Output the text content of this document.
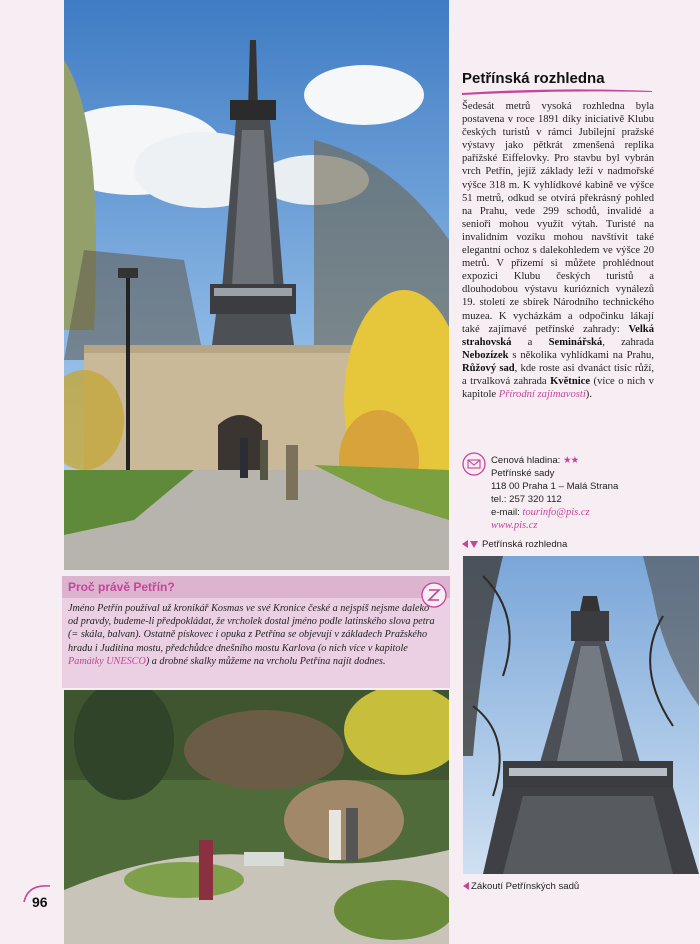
Petřínská rozhledna

Šedesát metrů vysoká rozhledna byla postavena v roce 1891 díky iniciativě Klubu českých turistů v rámci Jubilejní pražské výstavy jako pětkrát zmenšená replika pařížské Eiffelovky. Pro stavbu byl vybrán vrch Petřín, jejíž základy leží v nadmořské výšce 318 m. K vyhlídkové kabině ve výšce 51 metrů, odkud se otvírá překrásný pohled na Prahu, vede 299 schodů, invalidé a senioři mohou využít výtah. Turisté na invalidním vozíku mohou navštívit také elegantní ochoz s dalekohledem ve výšce 20 metrů. V přízemí si můžete prohlédnout expozici Klubu českých turistů a dlouhodobou výstavu kuriózních vynálezů 19. století ze sbírek Národního technického muzea. K vycházkám a odpočinku lákají také zajímavé petřínské zahrady: Velká strahovská a Seminářská, zahrada Nebozízek s několika vyhlídkami na Prahu, Růžový sad, kde roste asi dvanáct tisíc růží, a trvalková zahrada Květnice (více o nich v kapitole Přírodní zajímavosti).

Cenová hladina: ★★
Petřínské sady
118 00 Praha 1 – Malá Strana
tel.: 257 320 112
e-mail: tourinfo@pis.cz
www.pis.cz
Petřínská rozhledna
Zákoutí Petřínských sadů
Proč právě Petřín?

Jméno Petřín používal už kronikář Kosmas ve své Kronice české a nejspíš nejsme daleko od pravdy, budeme-li předpokládat, že vrcholek dostal jméno podle latinského slova petra (= skála, balvan). Ostatně pískovec i opuka z Petřína se objevují v základech Pražského hradu i Juditina mostu, předchůdce dnešního mostu Karlova (o nich více v kapitole Památky UNESCO) a drobné skalky můžeme na vrcholu Petřína najít dodnes.

96
